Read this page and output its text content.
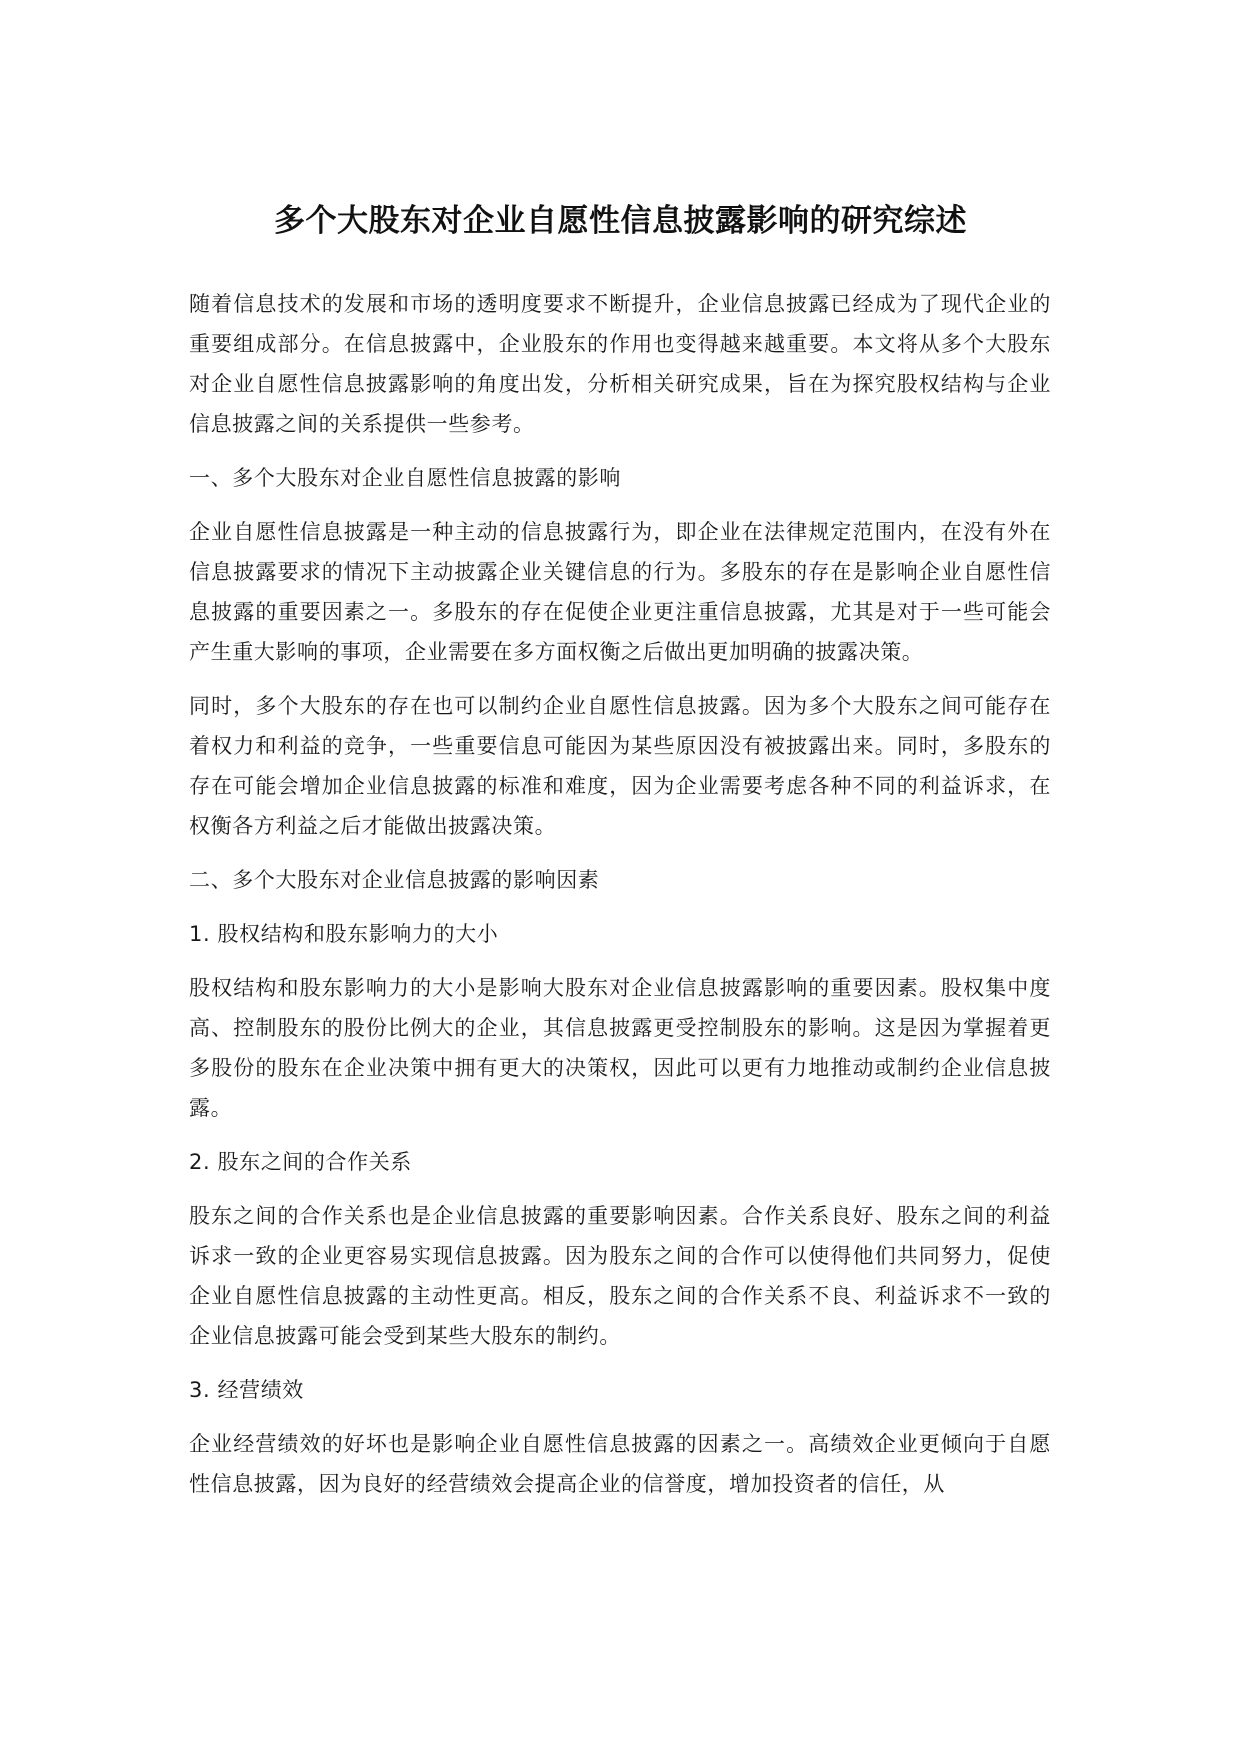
多个大股东对企业自愿性信息披露影响的研究综述

随着信息技术的发展和市场的透明度要求不断提升，企业信息披露已经成为了现代企业的重要组成部分。在信息披露中，企业股东的作用也变得越来越重要。本文将从多个大股东对企业自愿性信息披露影响的角度出发，分析相关研究成果，旨在为探究股权结构与企业信息披露之间的关系提供一些参考。

一、多个大股东对企业自愿性信息披露的影响

企业自愿性信息披露是一种主动的信息披露行为，即企业在法律规定范围内，在没有外在信息披露要求的情况下主动披露企业关键信息的行为。多股东的存在是影响企业自愿性信息披露的重要因素之一。多股东的存在促使企业更注重信息披露，尤其是对于一些可能会产生重大影响的事项，企业需要在多方面权衡之后做出更加明确的披露决策。

同时，多个大股东的存在也可以制约企业自愿性信息披露。因为多个大股东之间可能存在着权力和利益的竞争，一些重要信息可能因为某些原因没有被披露出来。同时，多股东的存在可能会增加企业信息披露的标准和难度，因为企业需要考虑各种不同的利益诉求，在权衡各方利益之后才能做出披露决策。

二、多个大股东对企业信息披露的影响因素

1. 股权结构和股东影响力的大小

股权结构和股东影响力的大小是影响大股东对企业信息披露影响的重要因素。股权集中度高、控制股东的股份比例大的企业，其信息披露更受控制股东的影响。这是因为掌握着更多股份的股东在企业决策中拥有更大的决策权，因此可以更有力地推动或制约企业信息披露。

2. 股东之间的合作关系

股东之间的合作关系也是企业信息披露的重要影响因素。合作关系良好、股东之间的利益诉求一致的企业更容易实现信息披露。因为股东之间的合作可以使得他们共同努力，促使企业自愿性信息披露的主动性更高。相反，股东之间的合作关系不良、利益诉求不一致的企业信息披露可能会受到某些大股东的制约。

3. 经营绩效

企业经营绩效的好坏也是影响企业自愿性信息披露的因素之一。高绩效企业更倾向于自愿性信息披露，因为良好的经营绩效会提高企业的信誉度，增加投资者的信任，从
